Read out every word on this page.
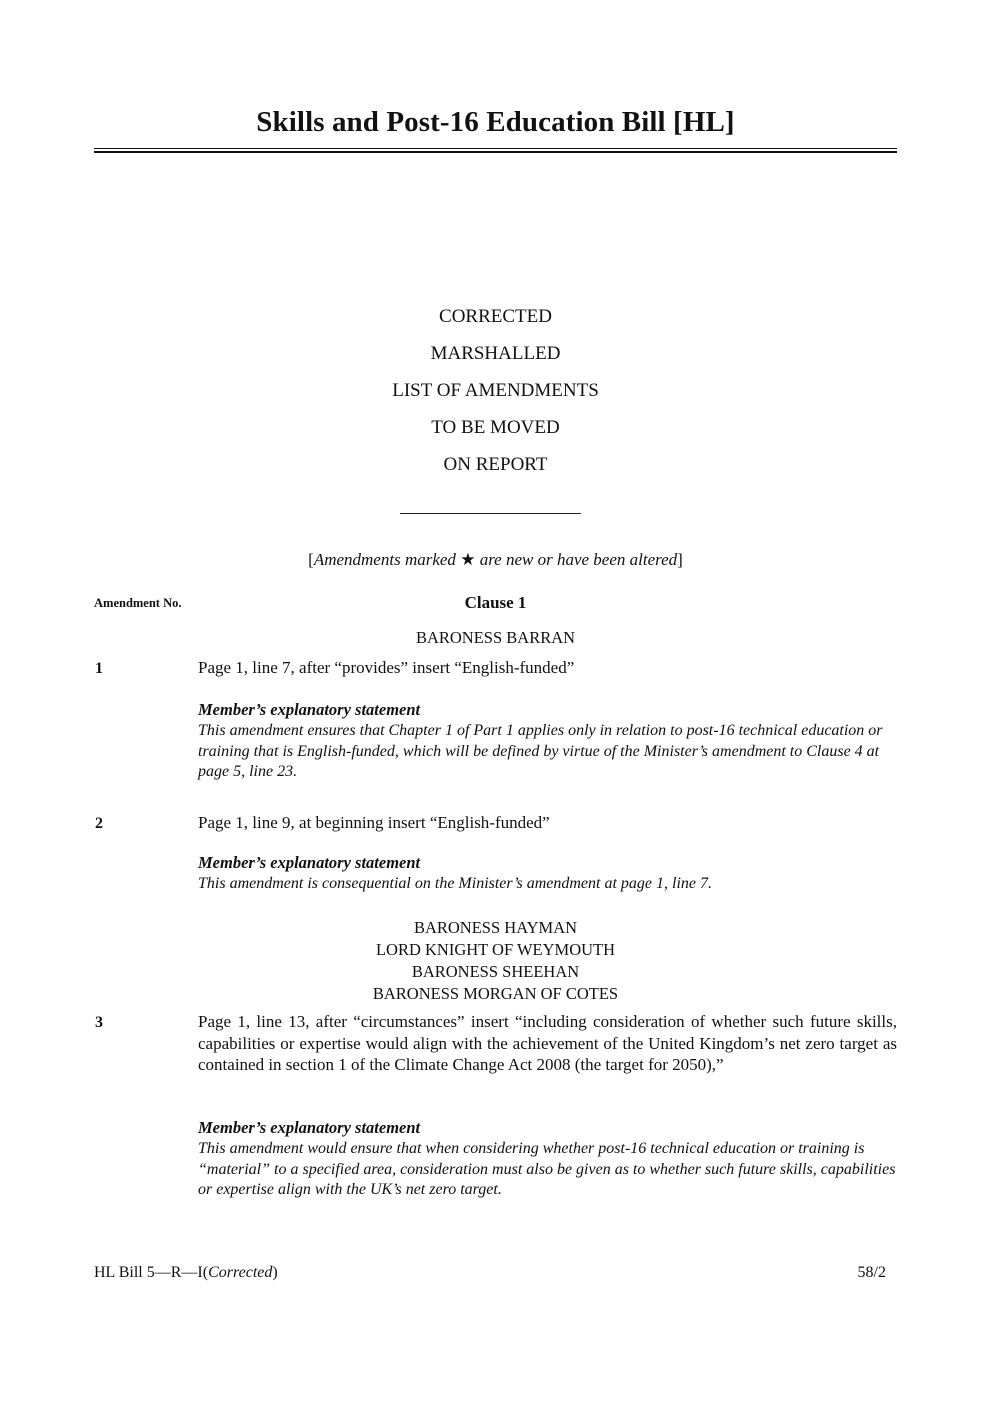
Skills and Post-16 Education Bill [HL]
CORRECTED
MARSHALLED
LIST OF AMENDMENTS
TO BE MOVED
ON REPORT
[Amendments marked ★ are new or have been altered]
Amendment No.	Clause 1
BARONESS BARRAN
1	Page 1, line 7, after “provides” insert “English-funded”
Member’s explanatory statement
This amendment ensures that Chapter 1 of Part 1 applies only in relation to post-16 technical education or training that is English-funded, which will be defined by virtue of the Minister’s amendment to Clause 4 at page 5, line 23.
2	Page 1, line 9, at beginning insert “English-funded”
Member’s explanatory statement
This amendment is consequential on the Minister’s amendment at page 1, line 7.
BARONESS HAYMAN
LORD KNIGHT OF WEYMOUTH
BARONESS SHEEHAN
BARONESS MORGAN OF COTES
3	Page 1, line 13, after “circumstances” insert “including consideration of whether such future skills, capabilities or expertise would align with the achievement of the United Kingdom’s net zero target as contained in section 1 of the Climate Change Act 2008 (the target for 2050),”
Member’s explanatory statement
This amendment would ensure that when considering whether post-16 technical education or training is “material” to a specified area, consideration must also be given as to whether such future skills, capabilities or expertise align with the UK’s net zero target.
HL Bill 5—R—I(Corrected)	58/2
